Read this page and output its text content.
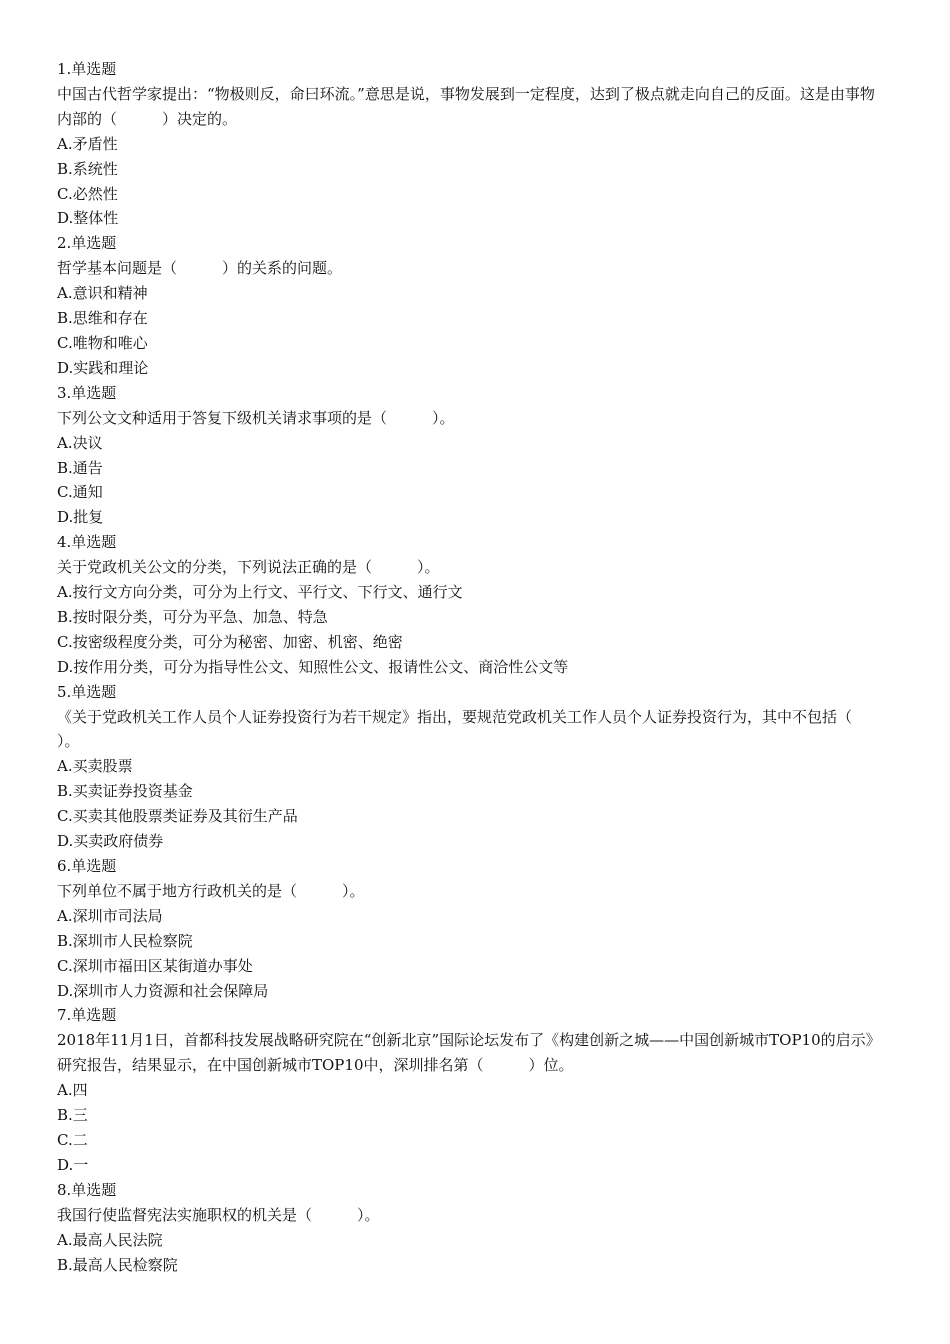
1.单选题
中国古代哲学家提出：“物极则反，命曰环流。”意思是说，事物发展到一定程度，达到了极点就走向自己的反面。这是由事物内部的（　　　）决定的。
A.矛盾性
B.系统性
C.必然性
D.整体性
2.单选题
哲学基本问题是（　　　）的关系的问题。
A.意识和精神
B.思维和存在
C.唯物和唯心
D.实践和理论
3.单选题
下列公文文种适用于答复下级机关请求事项的是（　　　）。
A.决议
B.通告
C.通知
D.批复
4.单选题
关于党政机关公文的分类，下列说法正确的是（　　　）。
A.按行文方向分类，可分为上行文、平行文、下行文、通行文
B.按时限分类，可分为平急、加急、特急
C.按密级程度分类，可分为秘密、加密、机密、绝密
D.按作用分类，可分为指导性公文、知照性公文、报请性公文、商洽性公文等
5.单选题
《关于党政机关工作人员个人证券投资行为若干规定》指出，要规范党政机关工作人员个人证券投资行为，其中不包括（　　　）。
A.买卖股票
B.买卖证券投资基金
C.买卖其他股票类证券及其衍生产品
D.买卖政府债券
6.单选题
下列单位不属于地方行政机关的是（　　　）。
A.深圳市司法局
B.深圳市人民检察院
C.深圳市福田区某街道办事处
D.深圳市人力资源和社会保障局
7.单选题
2018年11月1日，首都科技发展战略研究院在“创新北京”国际论坛发布了《构建创新之城——中国创新城市TOP10的启示》研究报告，结果显示，在中国创新城市TOP10中，深圳排名第（　　　）位。
A.四
B.三
C.二
D.一
8.单选题
我国行使监督宪法实施职权的机关是（　　　）。
A.最高人民法院
B.最高人民检察院
